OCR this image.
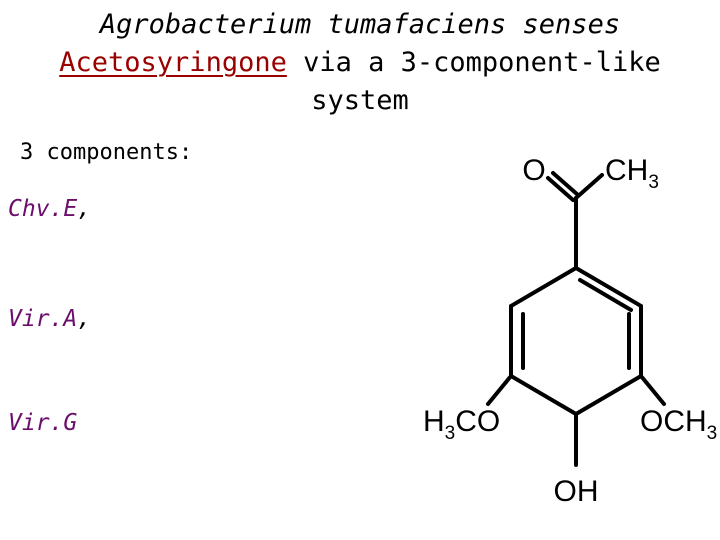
Agrobacterium tumafaciens senses
Acetosyringone via a 3-component-like
system
3 components:
Chv.E,
Vir.A,
Vir.G
O $CH_3$
$H_3CO$	$OCH_3$
OH
